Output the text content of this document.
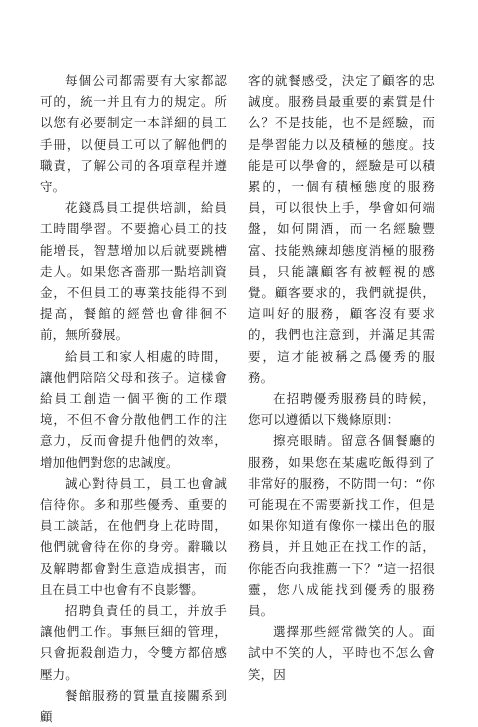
每個公司都需要有大家都認可的，統一并且有力的規定。所以您有必要制定一本詳細的員工手冊，以便員工可以了解他們的職責，了解公司的各項章程并遵守。

花錢爲員工提供培訓，給員工時間學習。不要擔心員工的技能增長，智慧增加以后就要跳槽走人。如果您吝嗇那一點培訓資金，不但員工的專業技能得不到提高，餐館的經營也會徘徊不前，無所發展。

給員工和家人相處的時間，讓他們陪陪父母和孩子。這樣會給員工創造一個平衡的工作環境，不但不會分散他們工作的注意力，反而會提升他們的效率，增加他們對您的忠誠度。

誠心對待員工，員工也會誠信待你。多和那些優秀、重要的員工談話，在他們身上花時間，他們就會待在你的身旁。辭職以及解聘都會對生意造成損害，而且在員工中也會有不良影響。

招聘負責任的員工，并放手讓他們工作。事無巨細的管理，只會扼殺創造力，令雙方都倍感壓力。

餐館服務的質量直接關系到顧

客的就餐感受，決定了顧客的忠誠度。服務員最重要的素質是什么？不是技能，也不是經驗，而是學習能力以及積極的態度。技能是可以學會的，經驗是可以積累的，一個有積極態度的服務員，可以很快上手，學會如何端盤，如何開酒，而一名經驗豐富、技能熟練却態度消極的服務員，只能讓顧客有被輕視的感覺。顧客要求的，我們就提供，這叫好的服務，顧客沒有要求的，我們也注意到，并滿足其需要，這才能被稱之爲優秀的服務。

在招聘優秀服務員的時候，您可以遵循以下幾條原則：

擦亮眼睛。留意各個餐廳的服務，如果您在某處吃飯得到了非常好的服務，不防問一句：“你可能現在不需要新找工作，但是如果你知道有像你一樣出色的服務員，并且她正在找工作的話，你能否向我推薦一下？”這一招很靈，您八成能找到優秀的服務員。

選擇那些經常微笑的人。面試中不笑的人，平時也不怎么會笑，因
